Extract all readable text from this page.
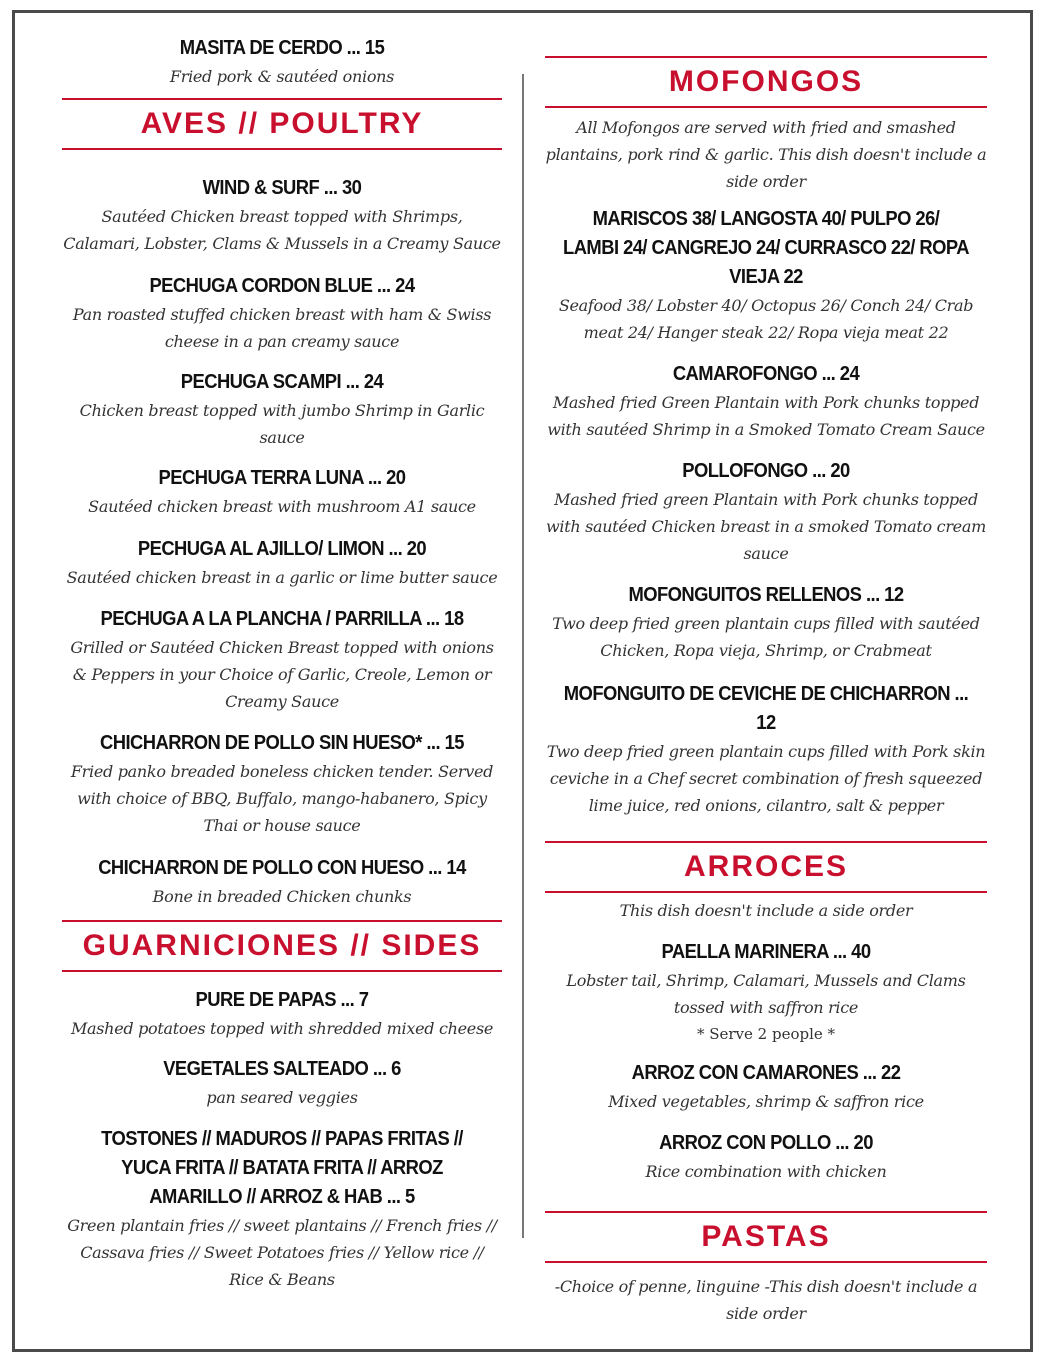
MASITA DE CERDO ... 15
Fried pork & sautéed onions
AVES // POULTRY
WIND & SURF ... 30
Sautéed Chicken breast topped with Shrimps, Calamari, Lobster, Clams & Mussels in a Creamy Sauce
PECHUGA CORDON BLUE ... 24
Pan roasted stuffed chicken breast with ham & Swiss cheese in a pan creamy sauce
PECHUGA SCAMPI ... 24
Chicken breast topped with jumbo Shrimp in Garlic sauce
PECHUGA TERRA LUNA ... 20
Sautéed chicken breast with mushroom A1 sauce
PECHUGA AL AJILLO/ LIMON ... 20
Sautéed chicken breast in a garlic or lime butter sauce
PECHUGA A LA PLANCHA / PARRILLA ... 18
Grilled or Sautéed Chicken Breast topped with onions & Peppers in your Choice of Garlic, Creole, Lemon or Creamy Sauce
CHICHARRON DE POLLO SIN HUESO* ... 15
Fried panko breaded boneless chicken tender. Served with choice of BBQ, Buffalo, mango-habanero, Spicy Thai or house sauce
CHICHARRON DE POLLO CON HUESO ... 14
Bone in breaded Chicken chunks
GUARNICIONES // SIDES
PURE DE PAPAS ... 7
Mashed potatoes topped with shredded mixed cheese
VEGETALES SALTEADO ... 6
pan seared veggies
TOSTONES // MADUROS // PAPAS FRITAS // YUCA FRITA // BATATA FRITA // ARROZ AMARILLO // ARROZ & HAB ... 5
Green plantain fries // sweet plantains // French fries // Cassava fries // Sweet Potatoes fries // Yellow rice // Rice & Beans
MOFONGOS
All Mofongos are served with fried and smashed plantains, pork rind & garlic. This dish doesn't include a side order
MARISCOS 38/ LANGOSTA 40/ PULPO 26/ LAMBI 24/ CANGREJO 24/ CURRASCO 22/ ROPA VIEJA 22
Seafood 38/ Lobster 40/ Octopus 26/ Conch 24/ Crab meat 24/ Hanger steak 22/ Ropa vieja meat 22
CAMAROFONGO ... 24
Mashed fried Green Plantain with Pork chunks topped with sautéed Shrimp in a Smoked Tomato Cream Sauce
POLLOFONGO ... 20
Mashed fried green Plantain with Pork chunks topped with sautéed Chicken breast in a smoked Tomato cream sauce
MOFONGUITOS RELLENOS ... 12
Two deep fried green plantain cups filled with sautéed Chicken, Ropa vieja, Shrimp, or Crabmeat
MOFONGUITO DE CEVICHE DE CHICHARRON ... 12
Two deep fried green plantain cups filled with Pork skin ceviche in a Chef secret combination of fresh squeezed lime juice, red onions, cilantro, salt & pepper
ARROCES
This dish doesn't include a side order
PAELLA MARINERA ... 40
Lobster tail, Shrimp, Calamari, Mussels and Clams tossed with saffron rice
* Serve 2 people *
ARROZ CON CAMARONES ... 22
Mixed vegetables, shrimp & saffron rice
ARROZ CON POLLO ... 20
Rice combination with chicken
PASTAS
-Choice of penne, linguine -This dish doesn't include a side order
